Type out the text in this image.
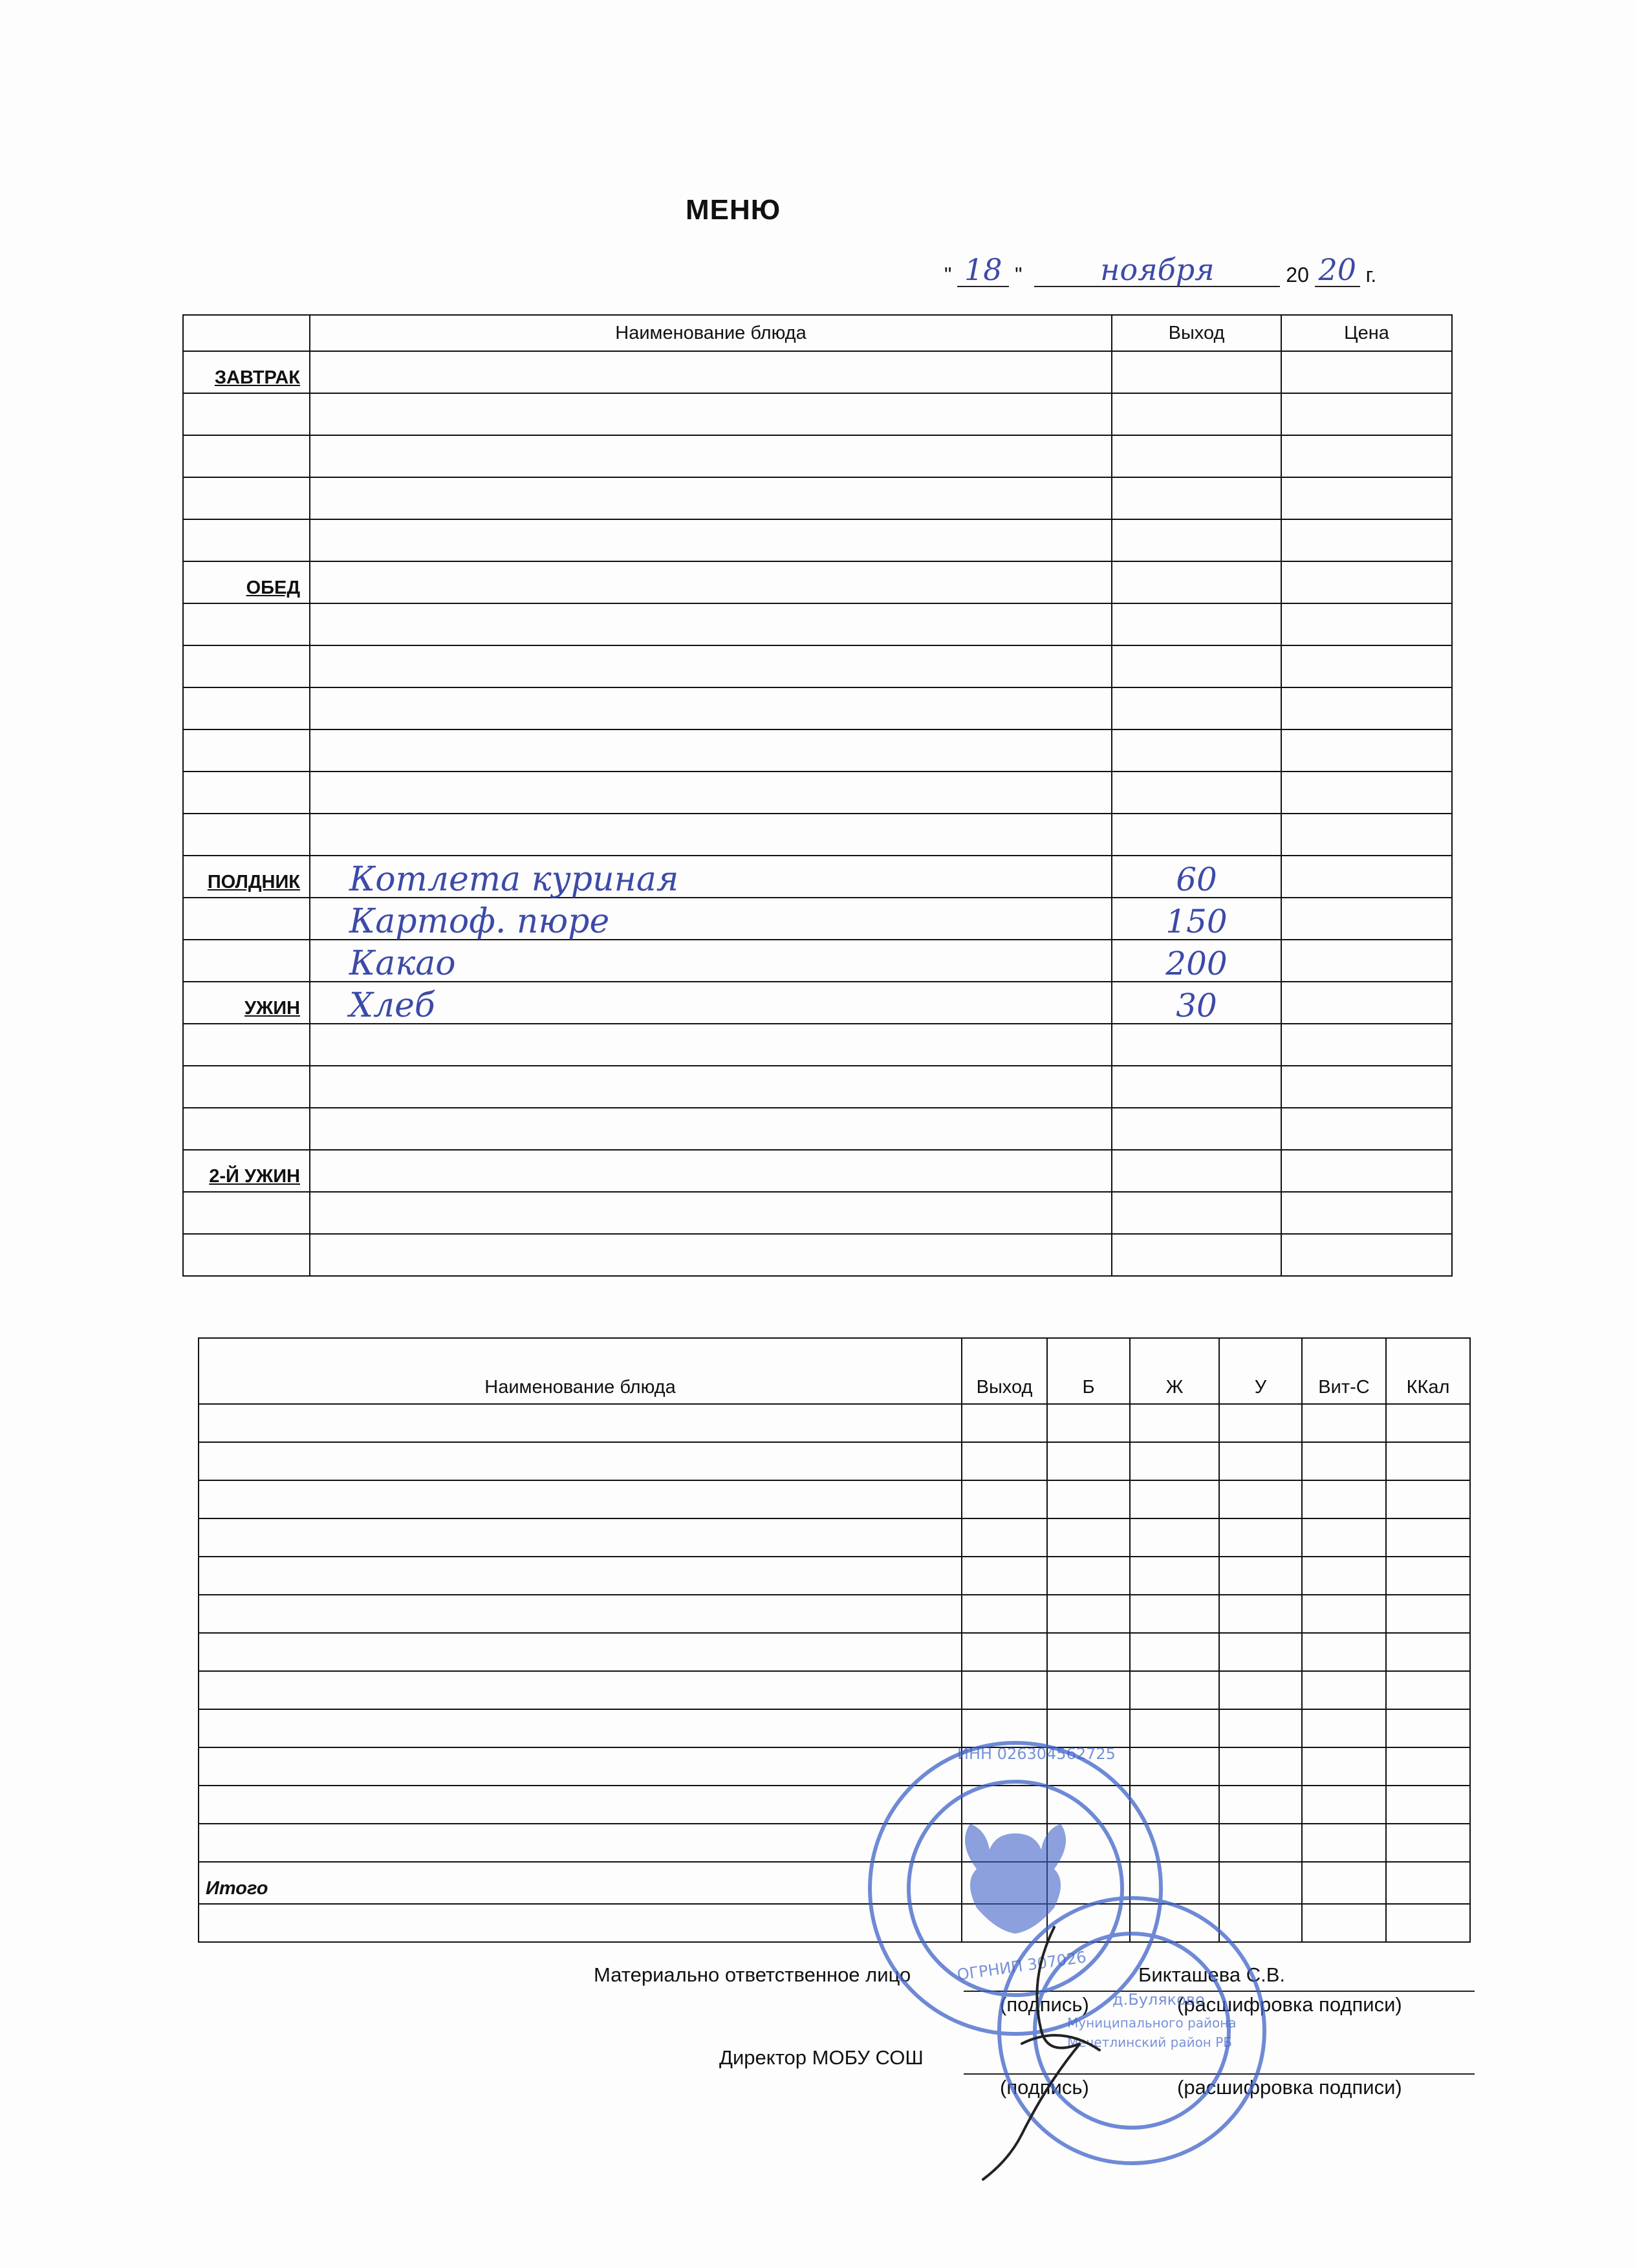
МЕНЮ
" 18 "	ноября	20 20 г.
	Наименование блюда	Выход	Цена
ЗАВТРАК			

ОБЕД			

ПОЛДНИК	Котлета куриная	60	
	Картоф. пюре	150	
	Какао	200	
УЖИН	Хлеб	30	

2-Й УЖИН			

Наименование блюда	Выход	Б	Ж	У	Вит-С	ККал

Итого						

Материально ответственное лицо	Бикташева С.В.
(подпись)	(расшифровка подписи)
Директор МОБУ СОШ
(подпись)	(расшифровка подписи)
ИНН 026304562725
ОГРНИП 307026
д.Буляково
Муниципального района
Мечетлинский район РБ
